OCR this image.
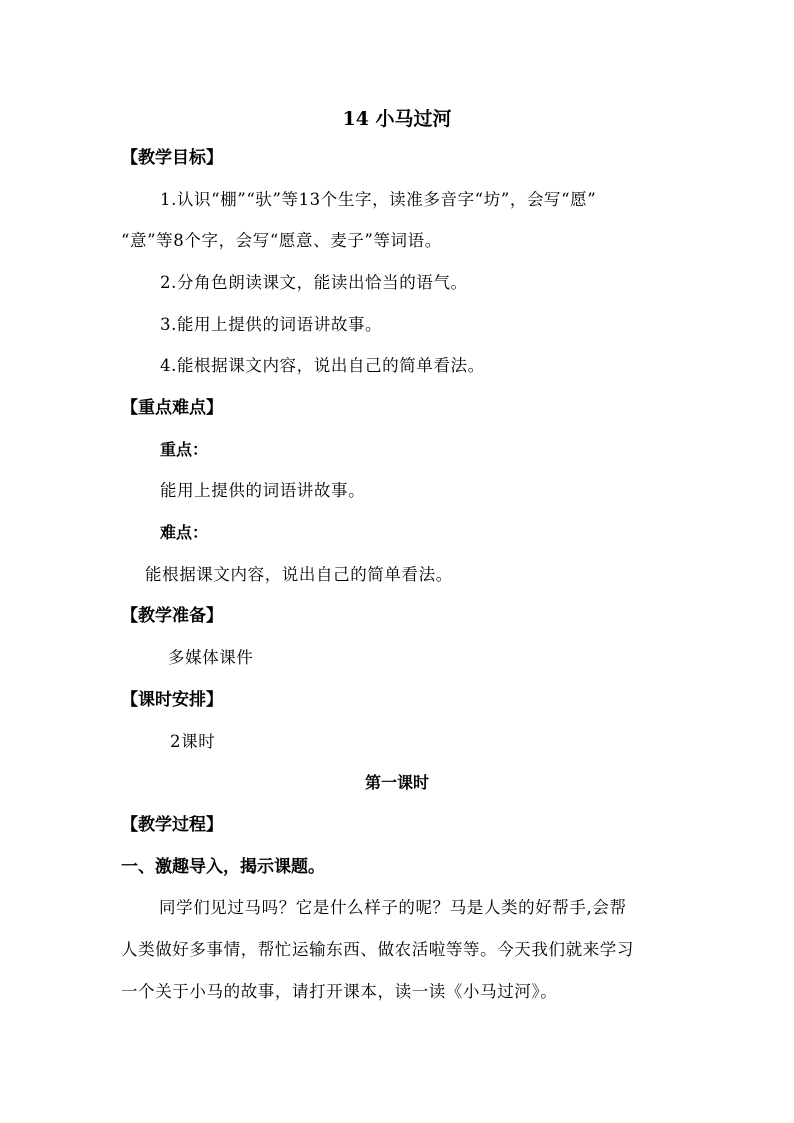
14 小马过河
【教学目标】
1.认识“棚”“驮”等13个生字，读准多音字“坊”，会写“愿”
“意”等8个字，会写“愿意、麦子”等词语。
2.分角色朗读课文，能读出恰当的语气。
3.能用上提供的词语讲故事。
4.能根据课文内容，说出自己的简单看法。
【重点难点】
重点：
能用上提供的词语讲故事。
难点：
能根据课文内容，说出自己的简单看法。
【教学准备】
多媒体课件
【课时安排】
2课时
第一课时
【教学过程】
一、激趣导入，揭示课题。
同学们见过马吗？它是什么样子的呢？马是人类的好帮手,会帮
人类做好多事情，帮忙运输东西、做农活啦等等。今天我们就来学习
一个关于小马的故事，请打开课本，读一读《小马过河》。
